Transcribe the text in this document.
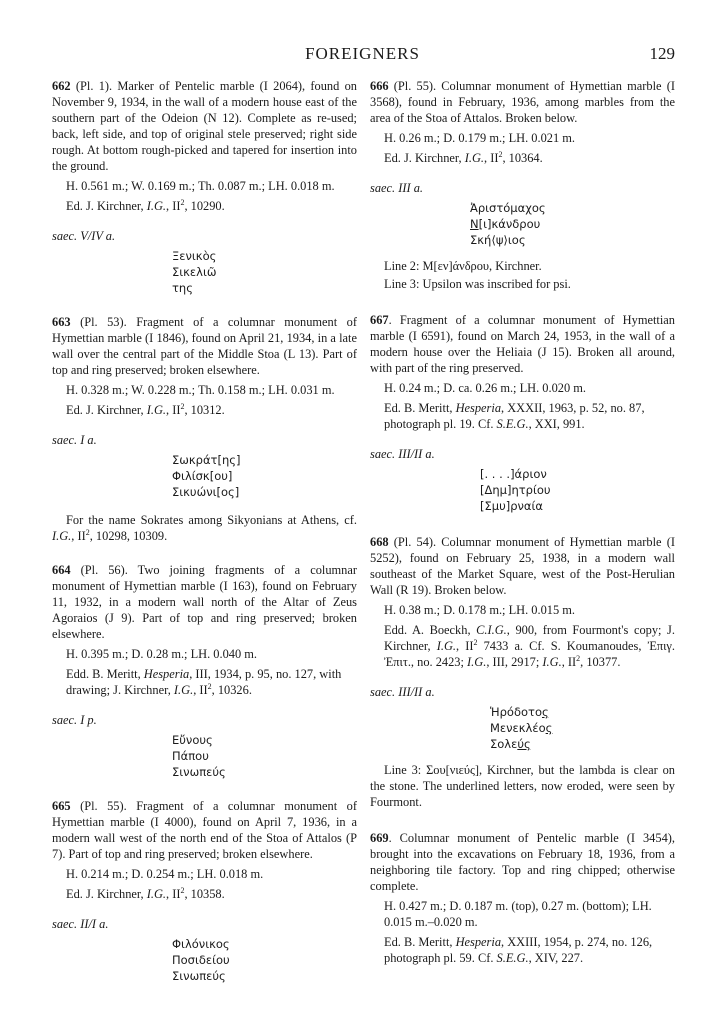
FOREIGNERS	129

662 (Pl. 1). Marker of Pentelic marble (I 2064), found on November 9, 1934, in the wall of a modern house east of the southern part of the Odeion (N 12). Complete as re-used; back, left side, and top of original stele preserved; right side rough. At bottom rough-picked and tapered for insertion into the ground.

H. 0.561 m.; W. 0.169 m.; Th. 0.087 m.; LH. 0.018 m.

Ed. J. Kirchner, I.G., $II^2$, 10290.

saec. V/IV a.

Ξενικὸς
Σικελιῶ
της

663 (Pl. 53). Fragment of a columnar monument of Hymettian marble (I 1846), found on April 21, 1934, in a late wall over the central part of the Middle Stoa (L 13). Part of top and ring preserved; broken elsewhere.

H. 0.328 m.; W. 0.228 m.; Th. 0.158 m.; LH. 0.031 m.

Ed. J. Kirchner, I.G., $II^2$, 10312.

saec. I a.

Σωκράτ[ης]
Φιλίσκ[ου]
Σικυώνι[ος]

For the name Sokrates among Sikyonians at Athens, cf. I.G., $II^2$, 10298, 10309.

664 (Pl. 56). Two joining fragments of a columnar monument of Hymettian marble (I 163), found on February 11, 1932, in a modern wall north of the Altar of Zeus Agoraios (J 9). Part of top and ring preserved; broken elsewhere.

H. 0.395 m.; D. 0.28 m.; LH. 0.040 m.

Edd. B. Meritt, Hesperia, III, 1934, p. 95, no. 127, with drawing; J. Kirchner, I.G., $II^2$, 10326.

saec. I p.

Εὔνους
Πάπου
Σινωπεύς

665 (Pl. 55). Fragment of a columnar monument of Hymettian marble (I 4000), found on April 7, 1936, in a modern wall west of the north end of the Stoa of Attalos (P 7). Part of top and ring preserved; broken elsewhere.

H. 0.214 m.; D. 0.254 m.; LH. 0.018 m.

Ed. J. Kirchner, I.G., $II^2$, 10358.

saec. II/I a.

Φιλόνικος
Ποσιδείου
Σινωπεύς

666 (Pl. 55). Columnar monument of Hymettian marble (I 3568), found in February, 1936, among marbles from the area of the Stoa of Attalos. Broken below.

H. 0.26 m.; D. 0.179 m.; LH. 0.021 m.

Ed. J. Kirchner, I.G., $II^2$, 10364.

saec. III a.

Ἀριστόμαχος
Ν[ι]κάνδρου
Σκή⟨ψ⟩ιος

Line 2: Μ[εν]άνδρου, Kirchner.

Line 3: Upsilon was inscribed for psi.

667. Fragment of a columnar monument of Hymettian marble (I 6591), found on March 24, 1953, in the wall of a modern house over the Heliaia (J 15). Broken all around, with part of the ring preserved.

H. 0.24 m.; D. ca. 0.26 m.; LH. 0.020 m.

Ed. B. Meritt, Hesperia, XXXII, 1963, p. 52, no. 87, photograph pl. 19. Cf. S.E.G., XXI, 991.

saec. III/II a.

[. . . .]άριον
[Δημ]ητρίου
[Σμυ]ρναία

668 (Pl. 54). Columnar monument of Hymettian marble (I 5252), found on February 25, 1938, in a modern wall southeast of the Market Square, west of the Post-Herulian Wall (R 19). Broken below.

H. 0.38 m.; D. 0.178 m.; LH. 0.015 m.

Edd. A. Boeckh, C.I.G., 900, from Fourmont's copy; J. Kirchner, I.G., $II^2$ 7433 a. Cf. S. Koumanoudes, Ἐπιγ. Ἐπιτ., no. 2423; I.G., III, 2917; I.G., $II^2$, 10377.

saec. III/II a.

Ἡρόδοτος
Μενεκλέος
Σολεύς

Line 3: Σου[νιεύς], Kirchner, but the lambda is clear on the stone. The underlined letters, now eroded, were seen by Fourmont.

669. Columnar monument of Pentelic marble (I 3454), brought into the excavations on February 18, 1936, from a neighboring tile factory. Top and ring chipped; otherwise complete.

H. 0.427 m.; D. 0.187 m. (top), 0.27 m. (bottom); LH. 0.015 m.–0.020 m.

Ed. B. Meritt, Hesperia, XXIII, 1954, p. 274, no. 126, photograph pl. 59. Cf. S.E.G., XIV, 227.
